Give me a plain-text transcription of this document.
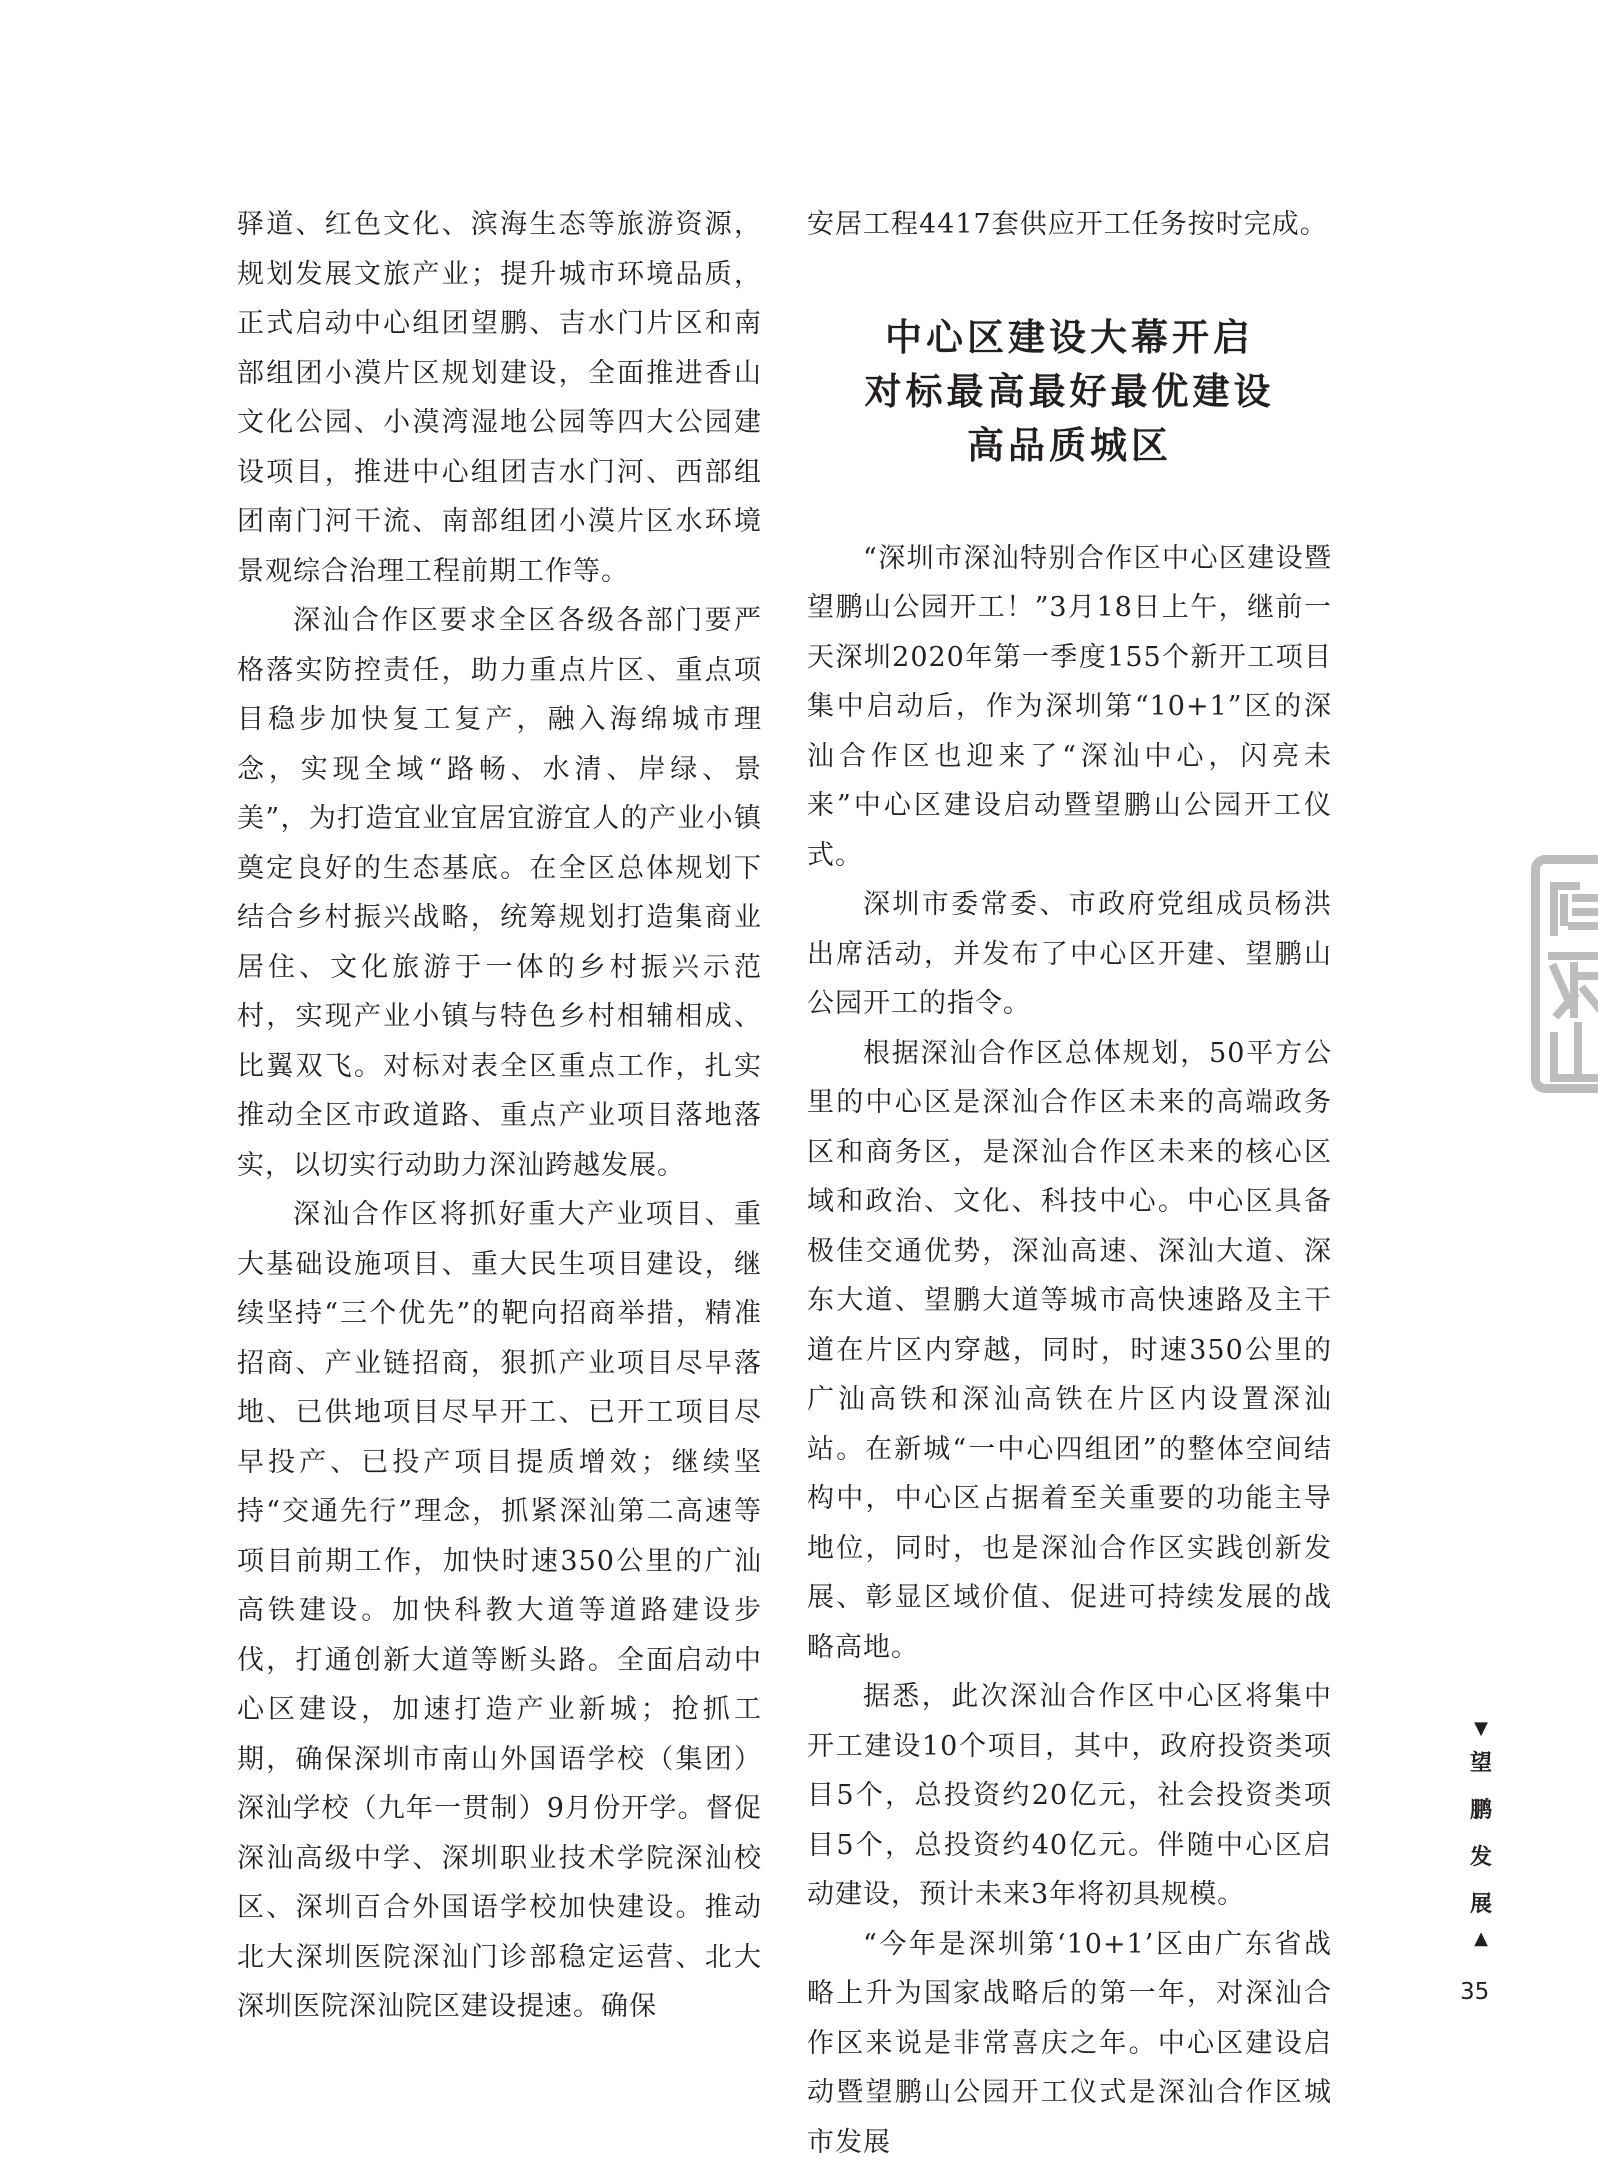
驿道、红色文化、滨海生态等旅游资源，规划发展文旅产业；提升城市环境品质，正式启动中心组团望鹏、吉水门片区和南部组团小漠片区规划建设，全面推进香山文化公园、小漠湾湿地公园等四大公园建设项目，推进中心组团吉水门河、西部组团南门河干流、南部组团小漠片区水环境景观综合治理工程前期工作等。

深汕合作区要求全区各级各部门要严格落实防控责任，助力重点片区、重点项目稳步加快复工复产，融入海绵城市理念，实现全域“路畅、水清、岸绿、景美”，为打造宜业宜居宜游宜人的产业小镇奠定良好的生态基底。在全区总体规划下结合乡村振兴战略，统筹规划打造集商业居住、文化旅游于一体的乡村振兴示范村，实现产业小镇与特色乡村相辅相成、比翼双飞。对标对表全区重点工作，扎实推动全区市政道路、重点产业项目落地落实，以切实行动助力深汕跨越发展。

深汕合作区将抓好重大产业项目、重大基础设施项目、重大民生项目建设，继续坚持“三个优先”的靶向招商举措，精准招商、产业链招商，狠抓产业项目尽早落地、已供地项目尽早开工、已开工项目尽早投产、已投产项目提质增效；继续坚持“交通先行”理念，抓紧深汕第二高速等项目前期工作，加快时速350公里的广汕高铁建设。加快科教大道等道路建设步伐，打通创新大道等断头路。全面启动中心区建设，加速打造产业新城；抢抓工期，确保深圳市南山外国语学校（集团）深汕学校（九年一贯制）9月份开学。督促深汕高级中学、深圳职业技术学院深汕校区、深圳百合外国语学校加快建设。推动北大深圳医院深汕门诊部稳定运营、北大深圳医院深汕院区建设提速。确保

安居工程4417套供应开工任务按时完成。

中心区建设大幕开启
对标最高最好最优建设
高品质城区

“深圳市深汕特别合作区中心区建设暨望鹏山公园开工！”3月18日上午，继前一天深圳2020年第一季度155个新开工项目集中启动后，作为深圳第“10+1”区的深汕合作区也迎来了“深汕中心，闪亮未来”中心区建设启动暨望鹏山公园开工仪式。

深圳市委常委、市政府党组成员杨洪出席活动，并发布了中心区开建、望鹏山公园开工的指令。

根据深汕合作区总体规划，50平方公里的中心区是深汕合作区未来的高端政务区和商务区，是深汕合作区未来的核心区域和政治、文化、科技中心。中心区具备极佳交通优势，深汕高速、深汕大道、深东大道、望鹏大道等城市高快速路及主干道在片区内穿越，同时，时速350公里的广汕高铁和深汕高铁在片区内设置深汕站。在新城“一中心四组团”的整体空间结构中，中心区占据着至关重要的功能主导地位，同时，也是深汕合作区实践创新发展、彰显区域价值、促进可持续发展的战略高地。

据悉，此次深汕合作区中心区将集中开工建设10个项目，其中，政府投资类项目5个，总投资约20亿元，社会投资类项目5个，总投资约40亿元。伴随中心区启动建设，预计未来3年将初具规模。

“今年是深圳第‘10+1’区由广东省战略上升为国家战略后的第一年，对深汕合作区来说是非常喜庆之年。中心区建设启动暨望鹏山公园开工仪式是深汕合作区城市发展

▼
望
鹏
发
展
▲
35
